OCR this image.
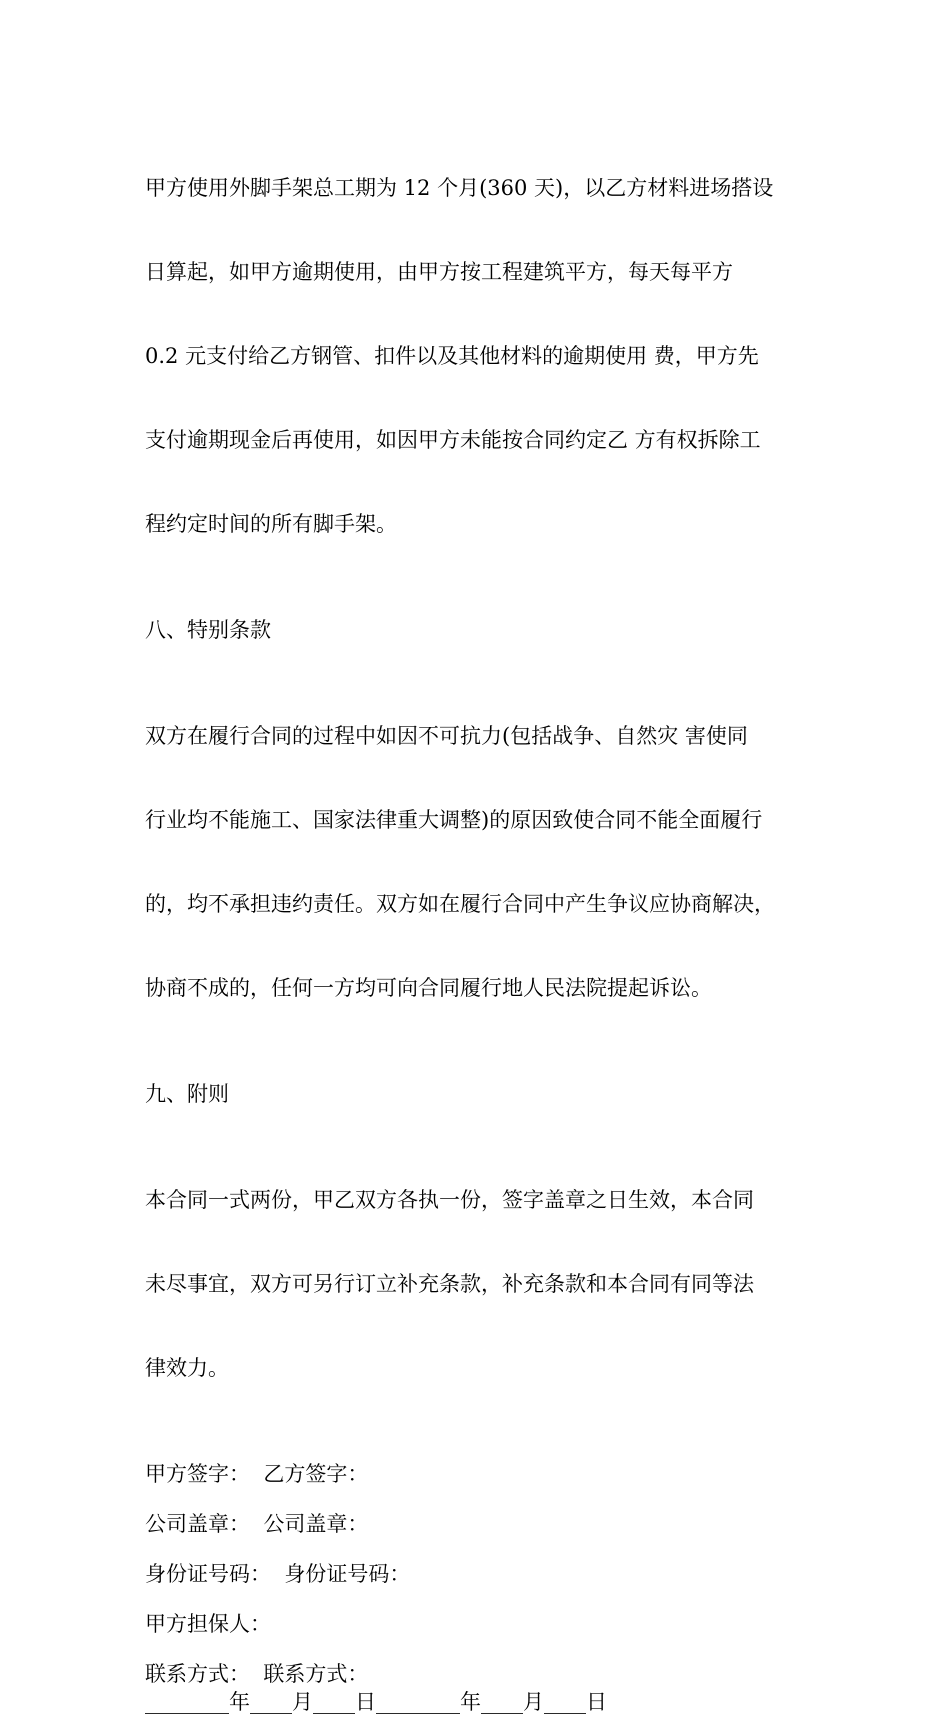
甲方使用外脚手架总工期为 12 个月(360 天)，以乙方材料进场搭设

日算起，如甲方逾期使用，由甲方按工程建筑平方，每天每平方

0.2 元支付给乙方钢管、扣件以及其他材料的逾期使用 费，甲方先

支付逾期现金后再使用，如因甲方未能按合同约定乙 方有权拆除工

程约定时间的所有脚手架。

八、特别条款

双方在履行合同的过程中如因不可抗力(包括战争、自然灾 害使同

行业均不能施工、国家法律重大调整)的原因致使合同不能全面履行

的，均不承担违约责任。双方如在履行合同中产生争议应协商解决，

协商不成的，任何一方均可向合同履行地人民法院提起诉讼。

九、附则

本合同一式两份，甲乙双方各执一份，签字盖章之日生效，本合同

未尽事宜，双方可另行订立补充条款，补充条款和本合同有同等法

律效力。

甲方签字：  乙方签字：

公司盖章：  公司盖章：

身份证号码：  身份证号码：

甲方担保人：

联系方式：  联系方式：

________年____月____日________年____月____日
